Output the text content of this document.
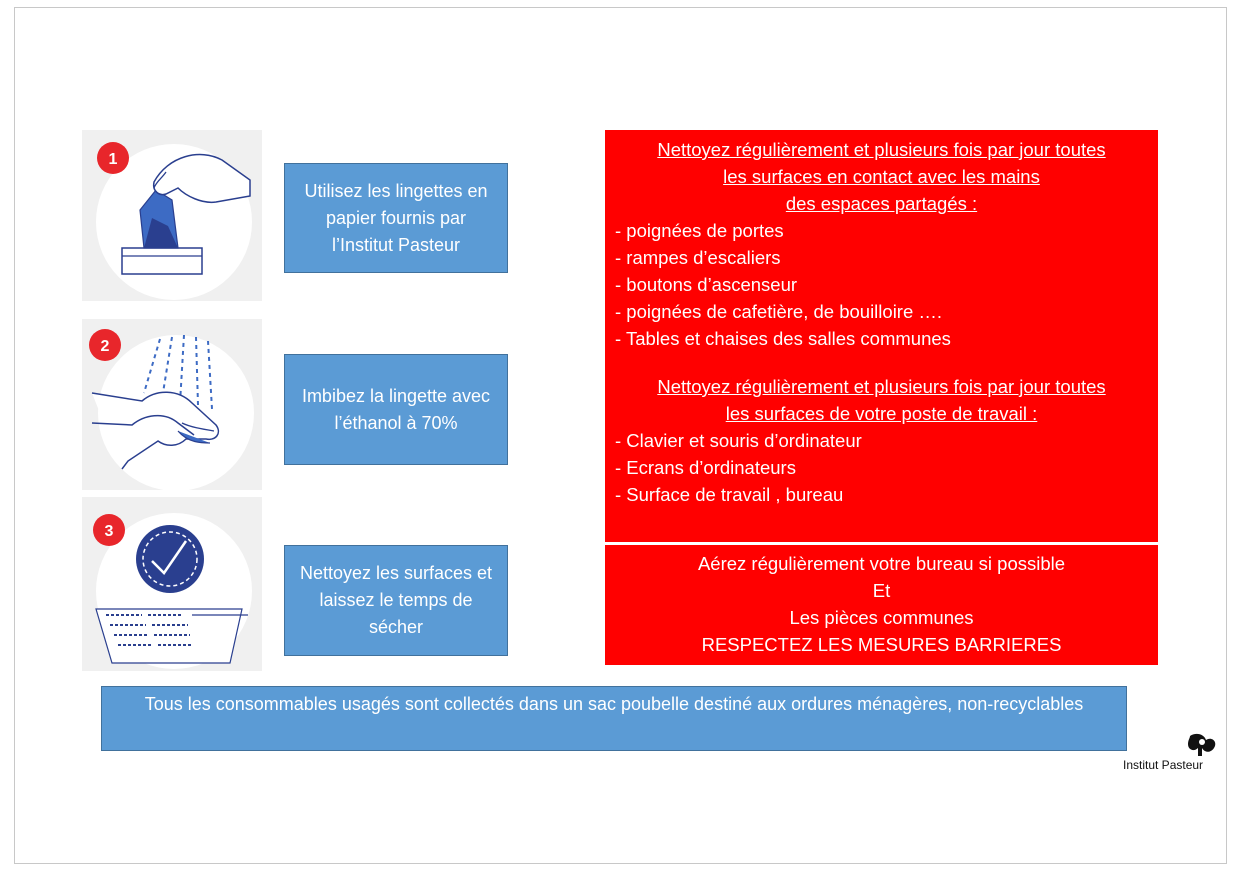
1
2
3
Utilisez les lingettes en papier fournis par l’Institut Pasteur
Imbibez la lingette avec l’éthanol à 70%
Nettoyez les surfaces et laissez le temps de sécher
Nettoyez régulièrement et plusieurs fois par jour toutes
les surfaces en contact avec les mains
des espaces partagés :
- poignées de portes
- rampes d’escaliers
- boutons d’ascenseur
- poignées de cafetière, de bouilloire ….
- Tables et chaises des salles communes
Nettoyez régulièrement et plusieurs fois par jour toutes
les surfaces de votre poste de travail :
- Clavier et souris d’ordinateur
- Ecrans d’ordinateurs
- Surface de travail , bureau
Aérez régulièrement votre bureau si possible
Et
Les pièces communes
RESPECTEZ LES MESURES BARRIERES
Tous les consommables usagés sont collectés dans un sac poubelle destiné aux ordures ménagères, non-recyclables
Institut Pasteur
